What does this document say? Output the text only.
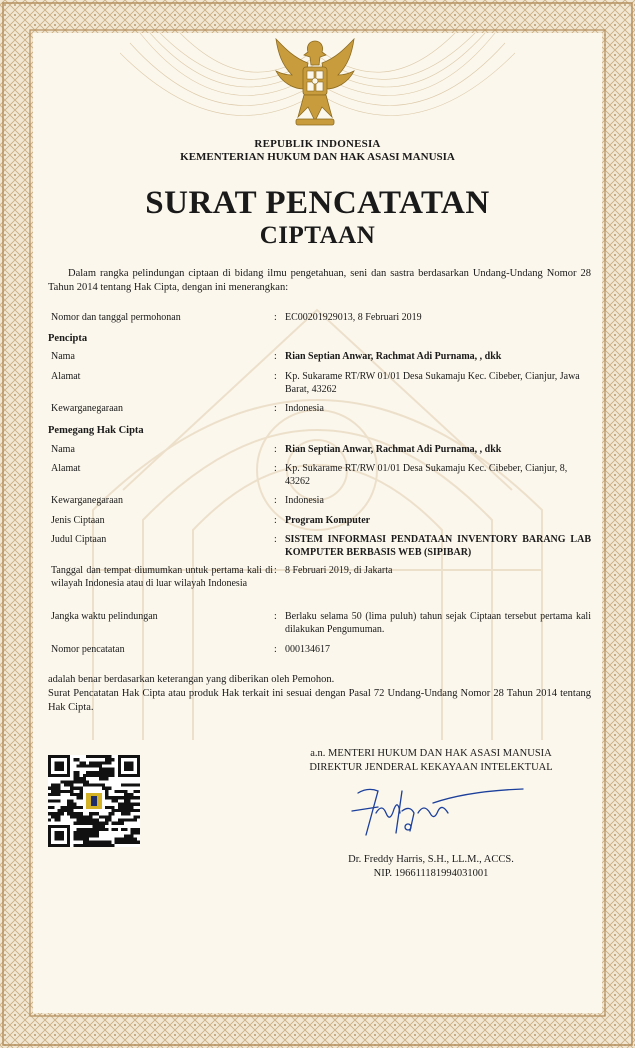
REPUBLIK INDONESIA
KEMENTERIAN HUKUM DAN HAK ASASI MANUSIA
SURAT PENCATATAN
CIPTAAN
Dalam rangka pelindungan ciptaan di bidang ilmu pengetahuan, seni dan sastra berdasarkan Undang-Undang Nomor 28 Tahun 2014 tentang Hak Cipta, dengan ini menerangkan:
Nomor dan tanggal permohonan	: EC00201929013, 8 Februari 2019
Pencipta
Nama	: Rian Septian Anwar, Rachmat Adi Purnama, , dkk
Alamat	: Kp. Sukarame RT/RW 01/01 Desa Sukamaju Kec. Cibeber, Cianjur, Jawa Barat, 43262
Kewarganegaraan	: Indonesia
Pemegang Hak Cipta
Nama	: Rian Septian Anwar, Rachmat Adi Purnama, , dkk
Alamat	: Kp. Sukarame RT/RW 01/01 Desa Sukamaju Kec. Cibeber, Cianjur, 8, 43262
Kewarganegaraan	: Indonesia
Jenis Ciptaan	: Program Komputer
Judul Ciptaan	: SISTEM INFORMASI PENDATAAN INVENTORY BARANG LAB KOMPUTER BERBASIS WEB (SIPIBAR)
Tanggal dan tempat diumumkan untuk pertama kali di wilayah Indonesia atau di luar wilayah Indonesia
: 8 Februari 2019, di Jakarta
Jangka waktu pelindungan	: Berlaku selama 50 (lima puluh) tahun sejak Ciptaan tersebut pertama kali dilakukan Pengumuman.
Nomor pencatatan	: 000134617
adalah benar berdasarkan keterangan yang diberikan oleh Pemohon.
Surat Pencatatan Hak Cipta atau produk Hak terkait ini sesuai dengan Pasal 72 Undang-Undang Nomor 28 Tahun 2014 tentang Hak Cipta.
a.n. MENTERI HUKUM DAN HAK ASASI MANUSIA
DIREKTUR JENDERAL KEKAYAAN INTELEKTUAL
Dr. Freddy Harris, S.H., LL.M., ACCS.
NIP. 196611181994031001
